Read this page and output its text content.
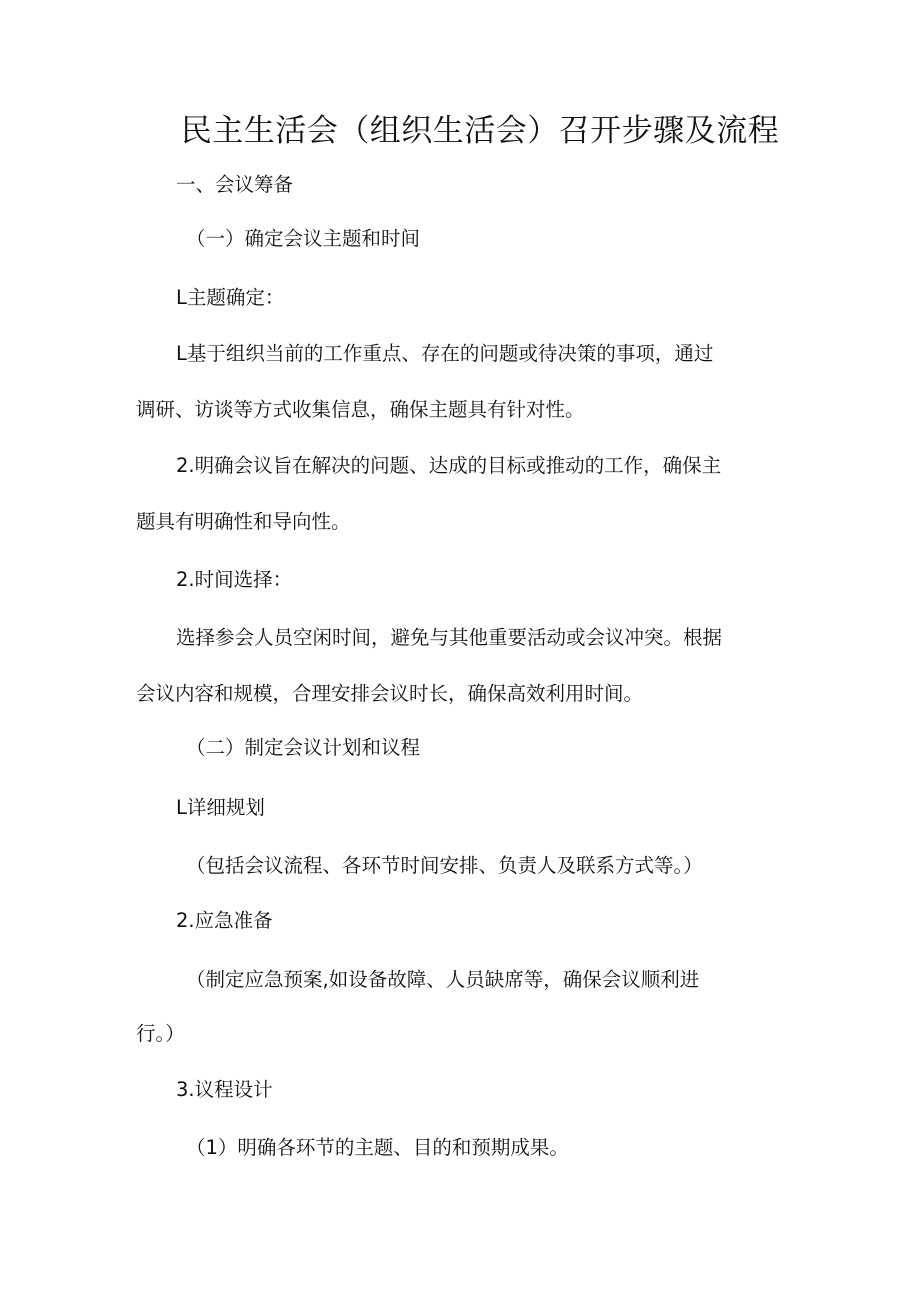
民主生活会（组织生活会）召开步骤及流程
一、会议筹备
（一）确定会议主题和时间
L主题确定：
L基于组织当前的工作重点、存在的问题或待决策的事项，通过
调研、访谈等方式收集信息，确保主题具有针对性。
2.明确会议旨在解决的问题、达成的目标或推动的工作，确保主
题具有明确性和导向性。
2.时间选择：
选择参会人员空闲时间，避免与其他重要活动或会议冲突。根据
会议内容和规模，合理安排会议时长，确保高效利用时间。
（二）制定会议计划和议程
L详细规划
（包括会议流程、各环节时间安排、负责人及联系方式等。）
2.应急准备
（制定应急预案,如设备故障、人员缺席等，确保会议顺利进
行。）
3.议程设计
（1）明确各环节的主题、目的和预期成果。
